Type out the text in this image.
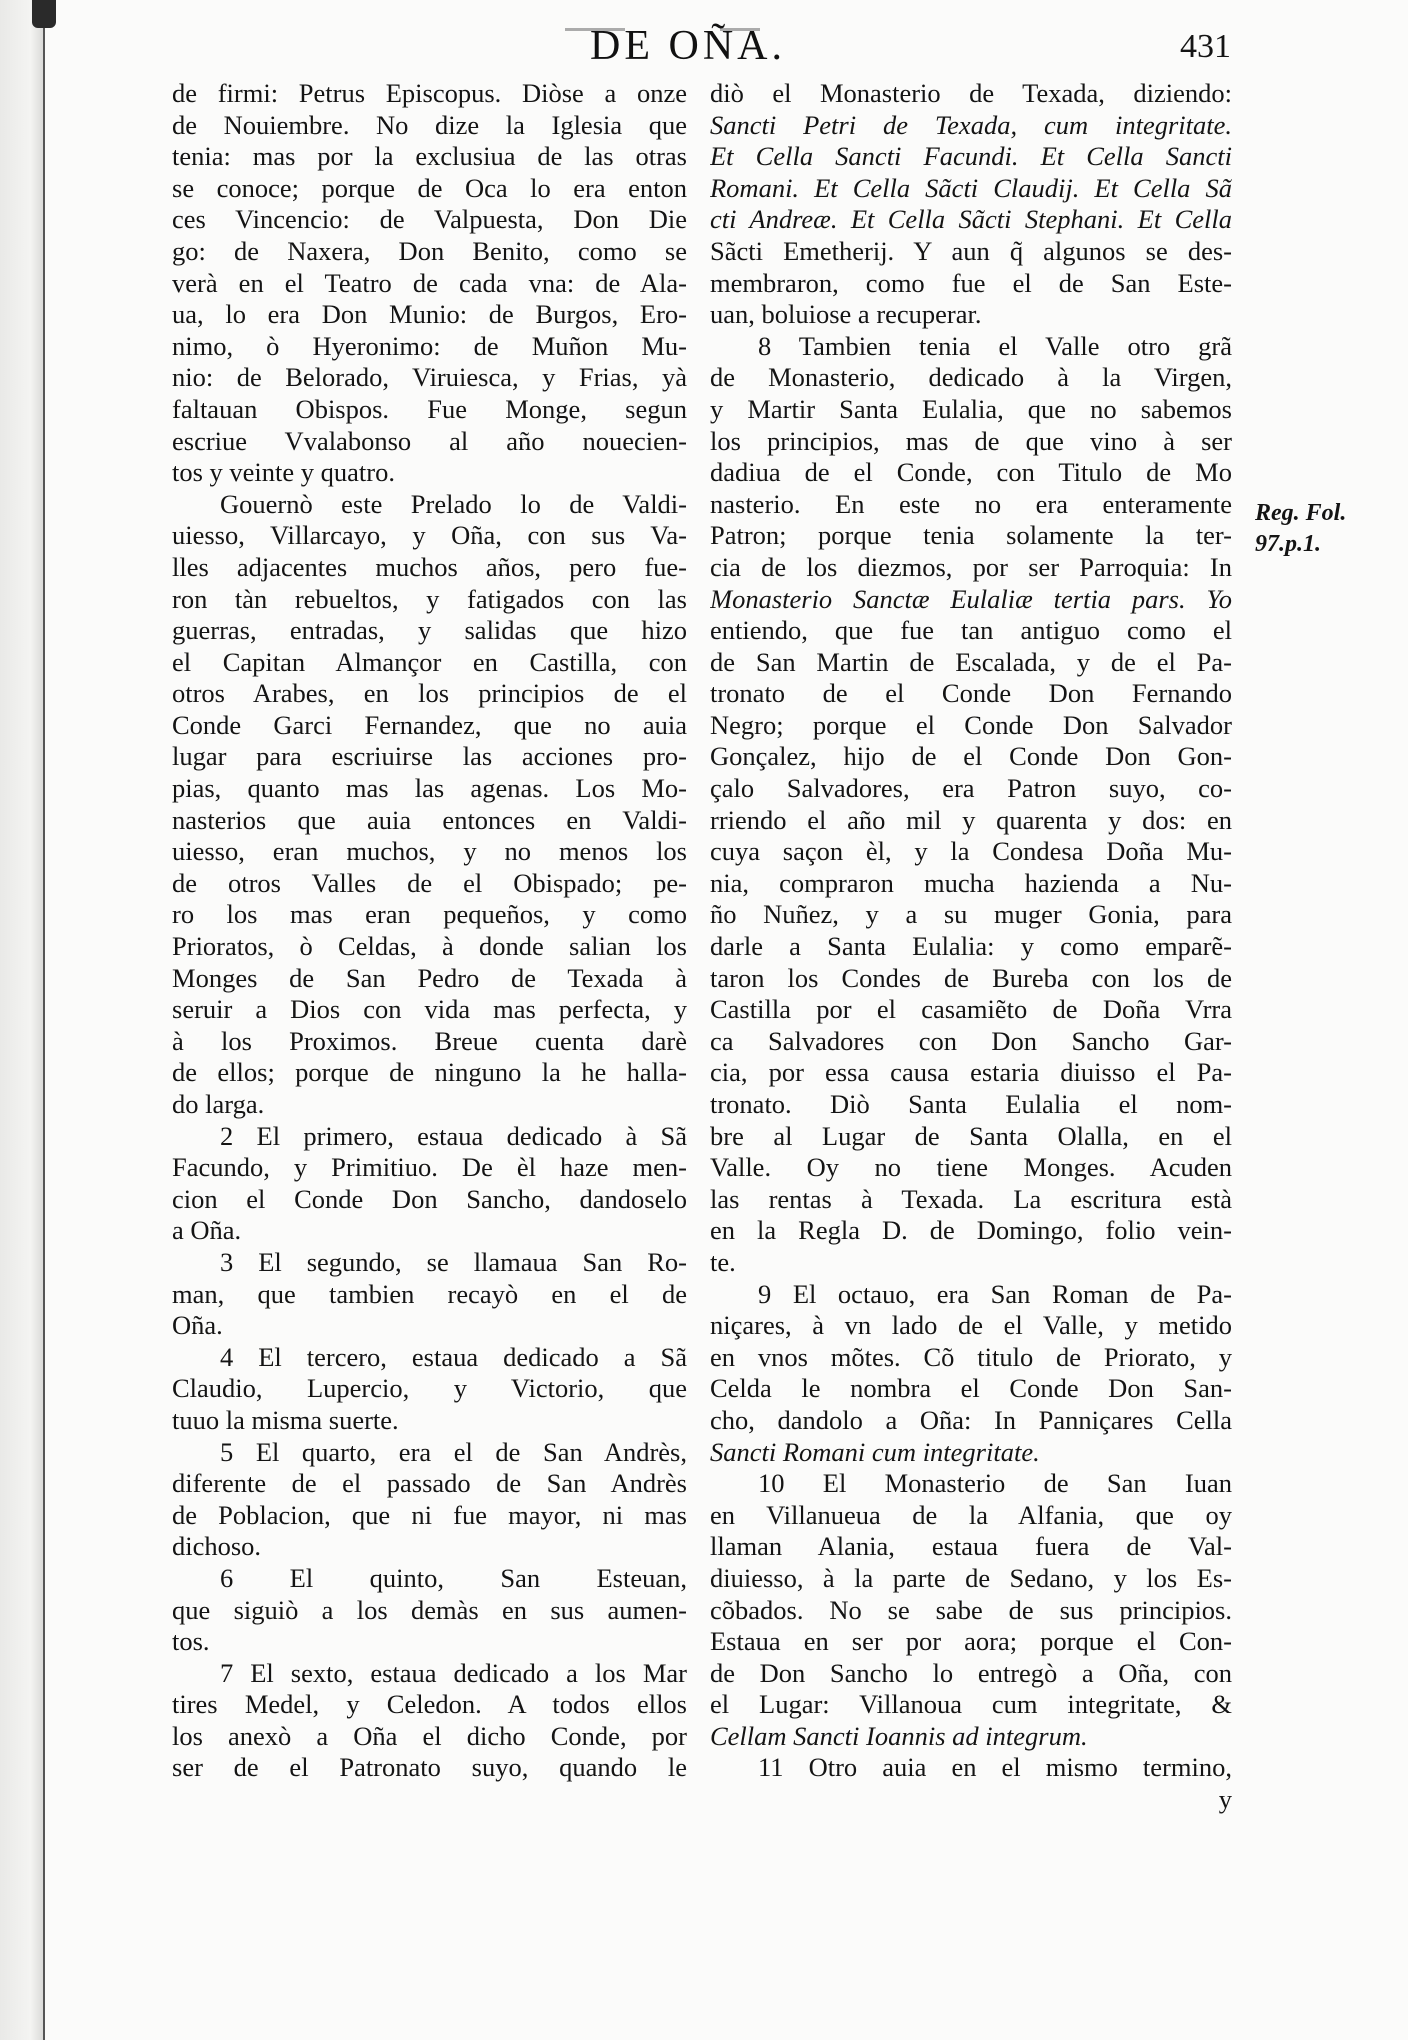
DE OÑA.	431
de firmi: Petrus Episcopus. Diòse a onze
de Nouiembre. No dize la Iglesia que
tenia: mas por la exclusiua de las otras
se conoce; porque de Oca lo era enton
ces Vincencio: de Valpuesta, Don Die
go: de Naxera, Don Benito, como se
verà en el Teatro de cada vna: de Ala-
ua, lo era Don Munio: de Burgos, Ero-
nimo, ò Hyeronimo: de Muñon Mu-
nio: de Belorado, Viruiesca, y Frias, yà
faltauan Obispos. Fue Monge, segun
escriue Vvalabonso al año nouecien-
tos y veinte y quatro.
Gouernò este Prelado lo de Valdi-
uiesso, Villarcayo, y Oña, con sus Va-
lles adjacentes muchos años, pero fue-
ron tàn rebueltos, y fatigados con las
guerras, entradas, y salidas que hizo
el Capitan Almançor en Castilla, con
otros Arabes, en los principios de el
Conde Garci Fernandez, que no auia
lugar para escriuirse las acciones pro-
pias, quanto mas las agenas. Los Mo-
nasterios que auia entonces en Valdi-
uiesso, eran muchos, y no menos los
de otros Valles de el Obispado; pe-
ro los mas eran pequeños, y como
Prioratos, ò Celdas, à donde salian los
Monges de San Pedro de Texada à
seruir a Dios con vida mas perfecta, y
à los Proximos. Breue cuenta darè
de ellos; porque de ninguno la he halla-
do larga.
2 El primero, estaua dedicado à Sã
Facundo, y Primitiuo. De èl haze men-
cion el Conde Don Sancho, dandoselo
a Oña.
3 El segundo, se llamaua San Ro-
man, que tambien recayò en el de
Oña.
4 El tercero, estaua dedicado a Sã
Claudio, Lupercio, y Victorio, que
tuuo la misma suerte.
5 El quarto, era el de San Andrès,
diferente de el passado de San Andrès
de Poblacion, que ni fue mayor, ni mas
dichoso.
6 El quinto, San Esteuan,
que siguiò a los demàs en sus aumen-
tos.
7 El sexto, estaua dedicado a los Mar
tires Medel, y Celedon. A todos ellos
los anexò a Oña el dicho Conde, por
ser de el Patronato suyo, quando le
diò el Monasterio de Texada, diziendo:
Sancti Petri de Texada, cum integritate.
Et Cella Sancti Facundi. Et Cella Sancti
Romani. Et Cella Sãcti Claudij. Et Cella Sã
cti Andreæ. Et Cella Sãcti Stephani. Et Cella
Sãcti Emetherij. Y aun q̃ algunos se des-
membraron, como fue el de San Este-
uan, boluiose a recuperar.
8 Tambien tenia el Valle otro grã
de Monasterio, dedicado à la Virgen,
y Martir Santa Eulalia, que no sabemos
los principios, mas de que vino à ser
dadiua de el Conde, con Titulo de Mo
nasterio. En este no era enteramente
Patron; porque tenia solamente la ter-
cia de los diezmos, por ser Parroquia: In
Monasterio Sanctæ Eulaliæ tertia pars. Yo
entiendo, que fue tan antiguo como el
de San Martin de Escalada, y de el Pa-
tronato de el Conde Don Fernando
Negro; porque el Conde Don Salvador
Gonçalez, hijo de el Conde Don Gon-
çalo Salvadores, era Patron suyo, co-
rriendo el año mil y quarenta y dos: en
cuya saçon èl, y la Condesa Doña Mu-
nia, compraron mucha hazienda a Nu-
ño Nuñez, y a su muger Gonia, para
darle a Santa Eulalia: y como emparẽ-
taron los Condes de Bureba con los de
Castilla por el casamiẽto de Doña Vrra
ca Salvadores con Don Sancho Gar-
cia, por essa causa estaria diuisso el Pa-
tronato. Diò Santa Eulalia el nom-
bre al Lugar de Santa Olalla, en el
Valle. Oy no tiene Monges. Acuden
las rentas à Texada. La escritura està
en la Regla D. de Domingo, folio vein-
te.
9 El octauo, era San Roman de Pa-
niçares, à vn lado de el Valle, y metido
en vnos mõtes. Cõ titulo de Priorato, y
Celda le nombra el Conde Don San-
cho, dandolo a Oña: In Panniçares Cella
Sancti Romani cum integritate.
10 El Monasterio de San Iuan
en Villanueua de la Alfania, que oy
llaman Alania, estaua fuera de Val-
diuiesso, à la parte de Sedano, y los Es-
cõbados. No se sabe de sus principios.
Estaua en ser por aora; porque el Con-
de Don Sancho lo entregò a Oña, con
el Lugar: Villanoua cum integritate, &
Cellam Sancti Ioannis ad integrum.
11 Otro auia en el mismo termino,
y
Reg. Fol.
97.p.1.
